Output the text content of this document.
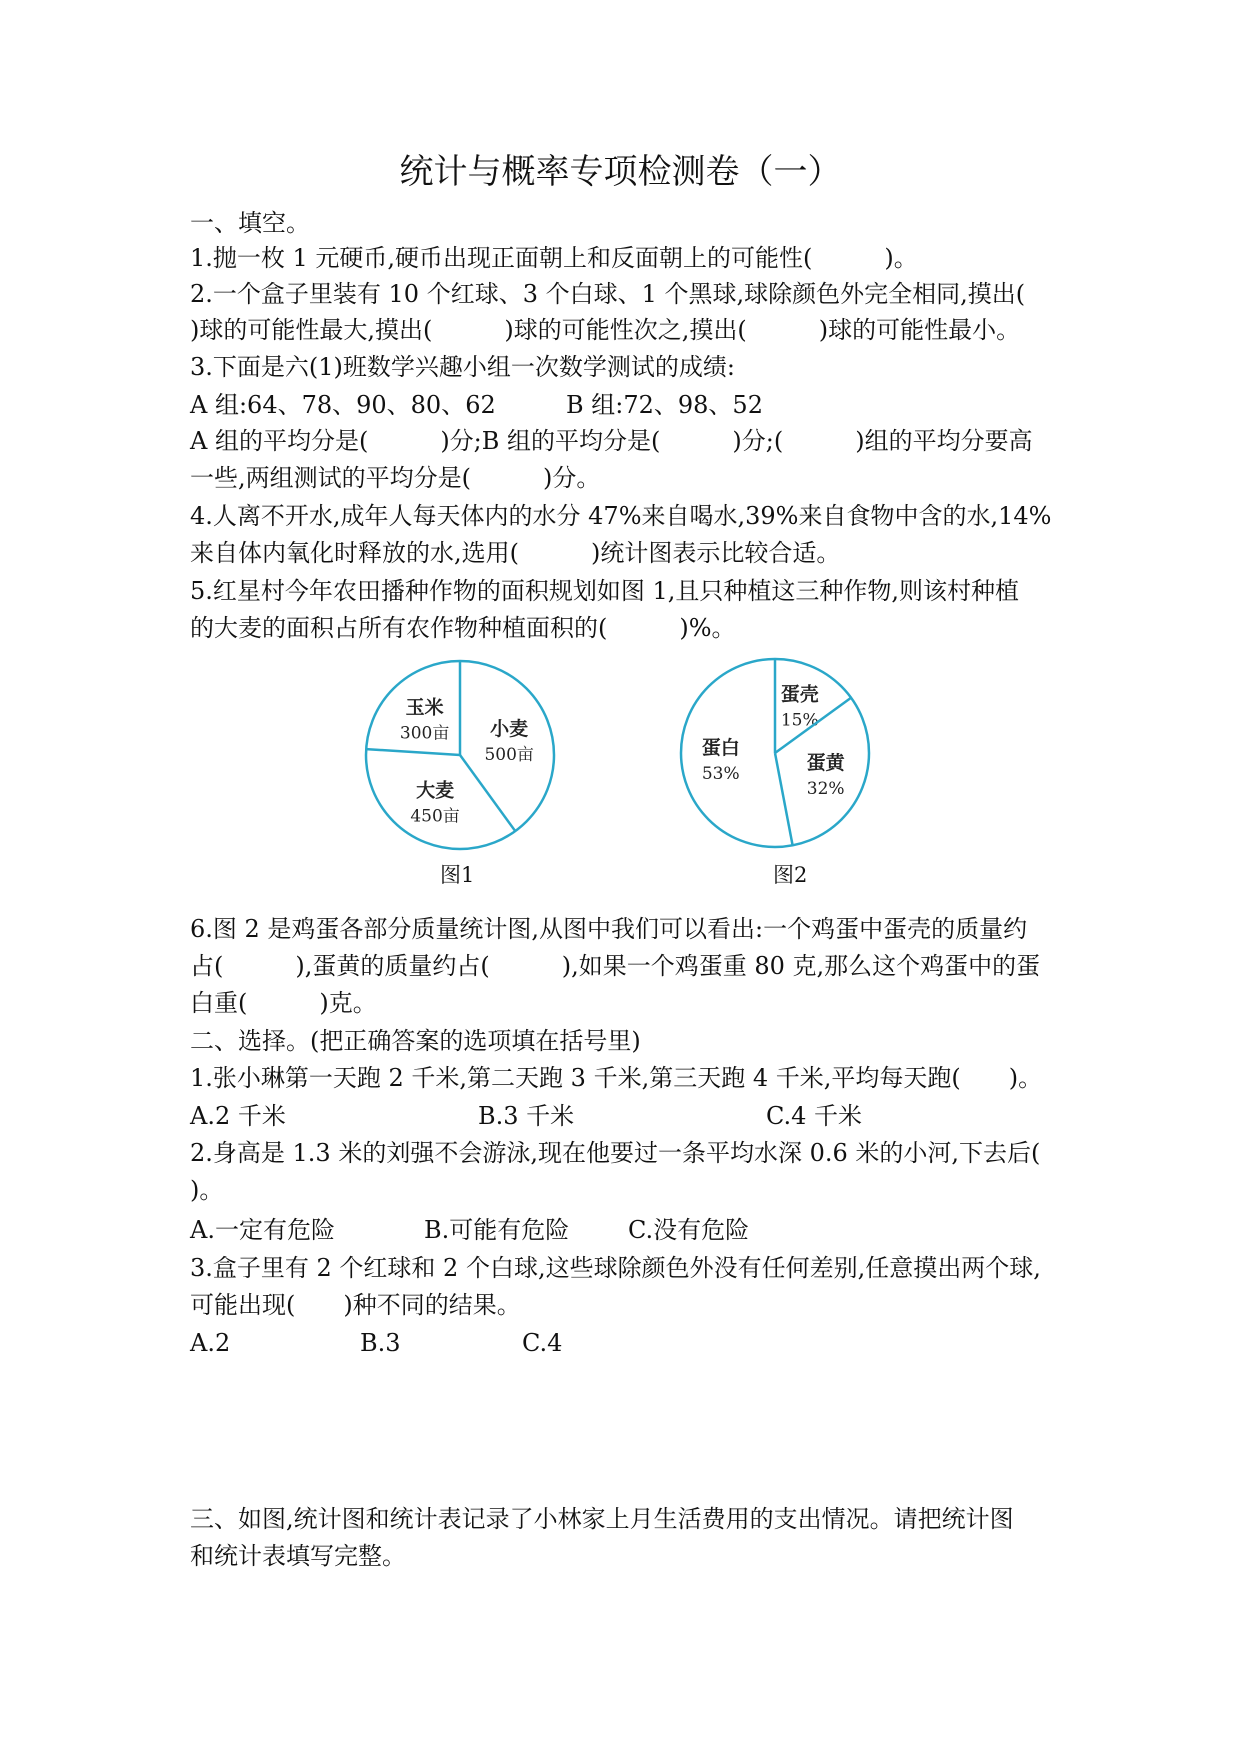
统计与概率专项检测卷（一）
一、填空。
1.抛一枚 1 元硬币,硬币出现正面朝上和反面朝上的可能性(　　　)。
2.一个盒子里装有 10 个红球、3 个白球、1 个黑球,球除颜色外完全相同,摸出(
)球的可能性最大,摸出(　　　)球的可能性次之,摸出(　　　)球的可能性最小。
3.下面是六(1)班数学兴趣小组一次数学测试的成绩:
A 组:64、78、90、80、62	B 组:72、98、52
A 组的平均分是(　　　)分;B 组的平均分是(　　　)分;(　　　)组的平均分要高
一些,两组测试的平均分是(　　　)分。
4.人离不开水,成年人每天体内的水分 47%来自喝水,39%来自食物中含的水,14%
来自体内氧化时释放的水,选用(　　　)统计图表示比较合适。
5.红星村今年农田播种作物的面积规划如图 1,且只种植这三种作物,则该村种植
的大麦的面积占所有农作物种植面积的(　　　)%。
小麦
500亩
大麦
450亩
玉米
300亩
图1
蛋壳
15%
蛋黄
32%
蛋白
53%
图2
6.图 2 是鸡蛋各部分质量统计图,从图中我们可以看出:一个鸡蛋中蛋壳的质量约
占(　　　),蛋黄的质量约占(　　　),如果一个鸡蛋重 80 克,那么这个鸡蛋中的蛋
白重(　　　)克。
二、选择。(把正确答案的选项填在括号里)
1.张小琳第一天跑 2 千米,第二天跑 3 千米,第三天跑 4 千米,平均每天跑(　　)。
A.2 千米	B.3 千米	C.4 千米
2.身高是 1.3 米的刘强不会游泳,现在他要过一条平均水深 0.6 米的小河,下去后(
)。
A.一定有危险	B.可能有危险 C.没有危险
3.盒子里有 2 个红球和 2 个白球,这些球除颜色外没有任何差别,任意摸出两个球,
可能出现(　　)种不同的结果。
A.2	B.3	C.4
三、如图,统计图和统计表记录了小林家上月生活费用的支出情况。请把统计图
和统计表填写完整。
